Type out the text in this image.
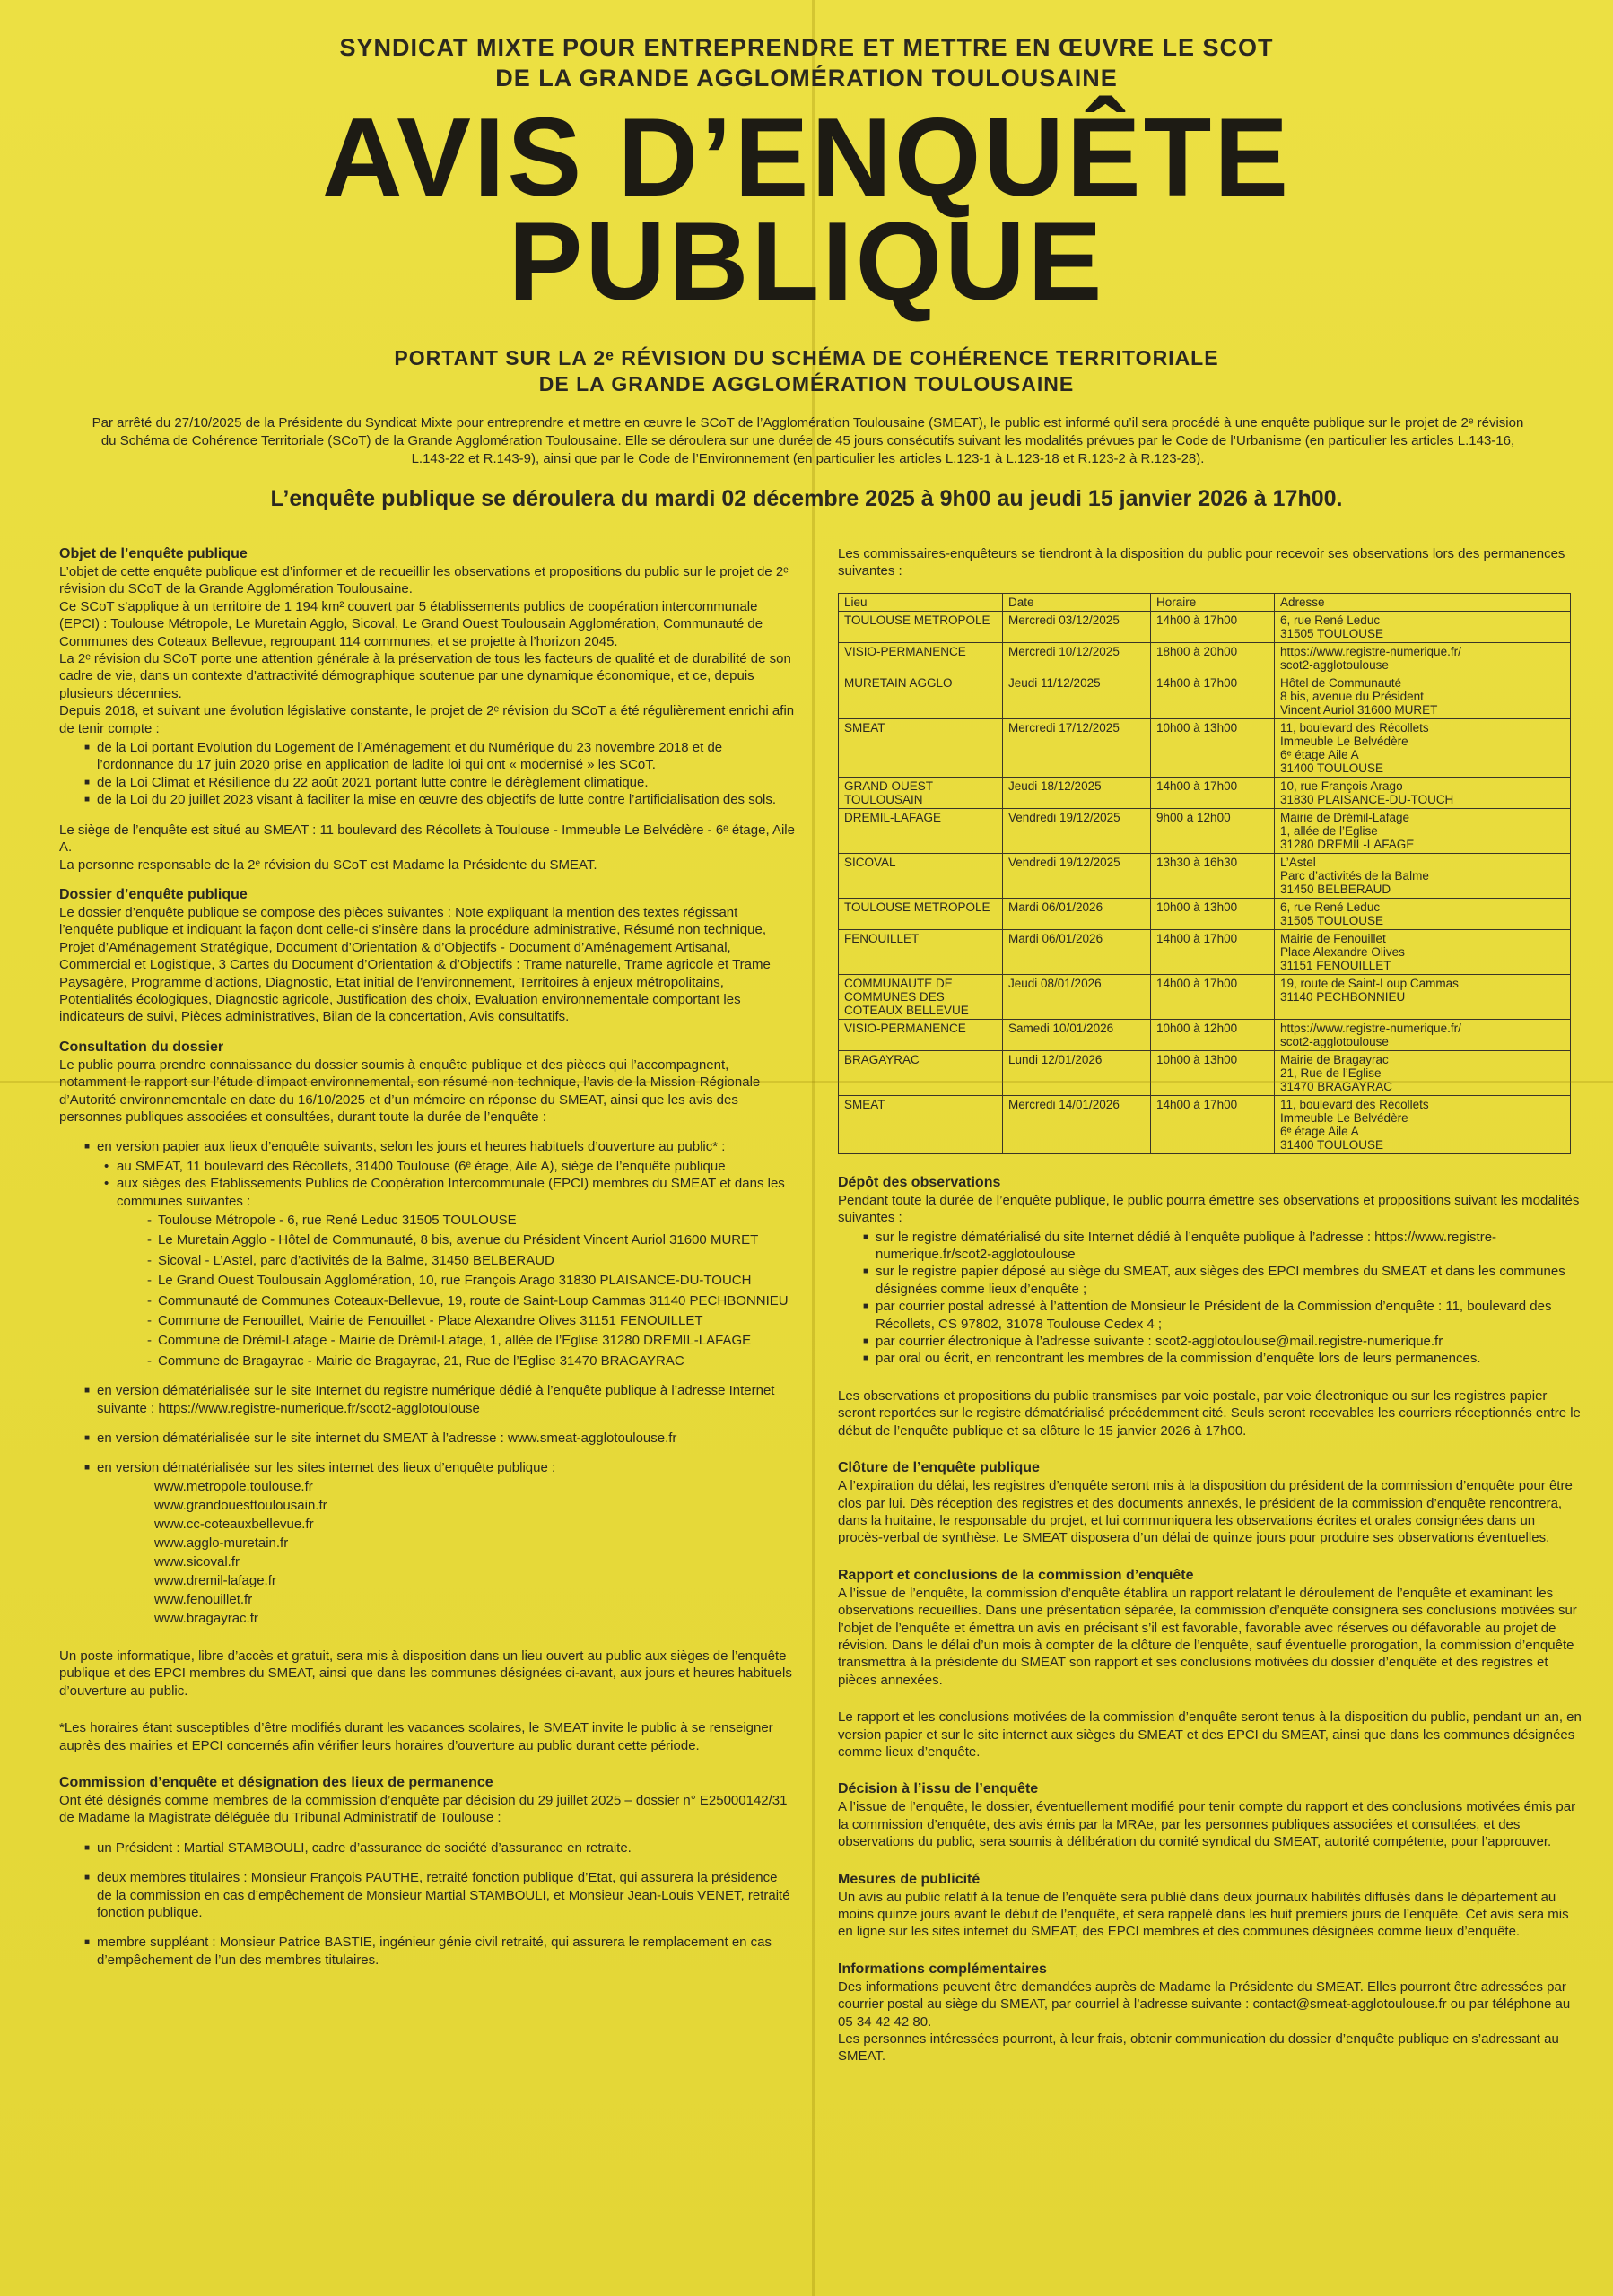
SYNDICAT MIXTE POUR ENTREPRENDRE ET METTRE EN ŒUVRE LE SCOT
DE LA GRANDE AGGLOMÉRATION TOULOUSAINE
AVIS D’ENQUÊTE
PUBLIQUE
PORTANT SUR LA 2ᵉ RÉVISION DU SCHÉMA DE COHÉRENCE TERRITORIALE
DE LA GRANDE AGGLOMÉRATION TOULOUSAINE

Par arrêté du 27/10/2025 de la Présidente du Syndicat Mixte pour entreprendre et mettre en œuvre le SCoT de l’Agglomération Toulousaine (SMEAT), le public est informé qu’il sera procédé à une enquête publique sur le projet de 2ᵉ révision du Schéma de Cohérence Territoriale (SCoT) de la Grande Agglomération Toulousaine. Elle se déroulera sur une durée de 45 jours consécutifs suivant les modalités prévues par le Code de l’Urbanisme (en particulier les articles L.143-16, L.143-22 et R.143-9), ainsi que par le Code de l’Environnement (en particulier les articles L.123-1 à L.123-18 et R.123-2 à R.123-28).

L’enquête publique se déroulera du mardi 02 décembre 2025 à 9h00 au jeudi 15 janvier 2026 à 17h00.
Objet de l’enquête publique

L’objet de cette enquête publique est d’informer et de recueillir les observations et propositions du public sur le projet de 2ᵉ révision du SCoT de la Grande Agglomération Toulousaine.

Ce SCoT s’applique à un territoire de 1 194 km² couvert par 5 établissements publics de coopération intercommunale (EPCI) : Toulouse Métropole, Le Muretain Agglo, Sicoval, Le Grand Ouest Toulousain Agglomération, Communauté de Communes des Coteaux Bellevue, regroupant 114 communes, et se projette à l’horizon 2045.

La 2ᵉ révision du SCoT porte une attention générale à la préservation de tous les facteurs de qualité et de durabilité de son cadre de vie, dans un contexte d’attractivité démographique soutenue par une dynamique économique, et ce, depuis plusieurs décennies.

Depuis 2018, et suivant une évolution législative constante, le projet de 2ᵉ révision du SCoT a été régulièrement enrichi afin de tenir compte :

■ de la Loi portant Evolution du Logement de l’Aménagement et du Numérique du 23 novembre 2018 et de l’ordonnance du 17 juin 2020 prise en application de ladite loi qui ont « modernisé » les SCoT.
■ de la Loi Climat et Résilience du 22 août 2021 portant lutte contre le dérèglement climatique.
■ de la Loi du 20 juillet 2023 visant à faciliter la mise en œuvre des objectifs de lutte contre l’artificialisation des sols.

Le siège de l’enquête est situé au SMEAT : 11 boulevard des Récollets à Toulouse - Immeuble Le Belvédère - 6ᵉ étage, Aile A.

La personne responsable de la 2ᵉ révision du SCoT est Madame la Présidente du SMEAT.

Dossier d’enquête publique

Le dossier d’enquête publique se compose des pièces suivantes : Note expliquant la mention des textes régissant l’enquête publique et indiquant la façon dont celle-ci s’insère dans la procédure administrative, Résumé non technique, Projet d’Aménagement Stratégique, Document d’Orientation & d’Objectifs - Document d’Aménagement Artisanal, Commercial et Logistique, 3 Cartes du Document d’Orientation & d’Objectifs : Trame naturelle, Trame agricole et Trame Paysagère, Programme d’actions, Diagnostic, Etat initial de l’environnement, Territoires à enjeux métropolitains, Potentialités écologiques, Diagnostic agricole, Justification des choix, Evaluation environnementale comportant les indicateurs de suivi, Pièces administratives, Bilan de la concertation, Avis consultatifs.

Consultation du dossier

Le public pourra prendre connaissance du dossier soumis à enquête publique et des pièces qui l’accompagnent, notamment le rapport sur l’étude d’impact environnemental, son résumé non technique, l’avis de la Mission Régionale d’Autorité environnementale en date du 16/10/2025 et d’un mémoire en réponse du SMEAT, ainsi que les avis des personnes publiques associées et consultées, durant toute la durée de l’enquête :

■ en version papier aux lieux d’enquête suivants, selon les jours et heures habituels d’ouverture au public* :
• au SMEAT, 11 boulevard des Récollets, 31400 Toulouse (6ᵉ étage, Aile A), siège de l’enquête publique
• aux sièges des Etablissements Publics de Coopération Intercommunale (EPCI) membres du SMEAT et dans les communes suivantes :
- Toulouse Métropole - 6, rue René Leduc 31505 TOULOUSE
- Le Muretain Agglo - Hôtel de Communauté, 8 bis, avenue du Président Vincent Auriol 31600 MURET
- Sicoval - L’Astel, parc d’activités de la Balme, 31450 BELBERAUD
- Le Grand Ouest Toulousain Agglomération, 10, rue François Arago 31830 PLAISANCE-DU-TOUCH
- Communauté de Communes Coteaux-Bellevue, 19, route de Saint-Loup Cammas 31140 PECHBONNIEU
- Commune de Fenouillet, Mairie de Fenouillet - Place Alexandre Olives 31151 FENOUILLET
- Commune de Drémil-Lafage - Mairie de Drémil-Lafage, 1, allée de l’Eglise 31280 DREMIL-LAFAGE
- Commune de Bragayrac - Mairie de Bragayrac, 21, Rue de l’Eglise 31470 BRAGAYRAC
■ en version dématérialisée sur le site Internet du registre numérique dédié à l’enquête publique à l’adresse Internet suivante : https://www.registre-numerique.fr/scot2-agglotoulouse
■ en version dématérialisée sur le site internet du SMEAT à l’adresse : www.smeat-agglotoulouse.fr
■ en version dématérialisée sur les sites internet des lieux d’enquête publique :
www.metropole.toulouse.fr
www.grandouesttoulousain.fr
www.cc-coteauxbellevue.fr
www.agglo-muretain.fr
www.sicoval.fr
www.dremil-lafage.fr
www.fenouillet.fr
www.bragayrac.fr

Un poste informatique, libre d’accès et gratuit, sera mis à disposition dans un lieu ouvert au public aux sièges de l’enquête publique et des EPCI membres du SMEAT, ainsi que dans les communes désignées ci-avant, aux jours et heures habituels d’ouverture au public.

*Les horaires étant susceptibles d’être modifiés durant les vacances scolaires, le SMEAT invite le public à se renseigner auprès des mairies et EPCI concernés afin vérifier leurs horaires d’ouverture au public durant cette période.

Commission d’enquête et désignation des lieux de permanence

Ont été désignés comme membres de la commission d’enquête par décision du 29 juillet 2025 – dossier n° E25000142/31 de Madame la Magistrate déléguée du Tribunal Administratif de Toulouse :

■ un Président : Martial STAMBOULI, cadre d’assurance de société d’assurance en retraite.
■ deux membres titulaires : Monsieur François PAUTHE, retraité fonction publique d’Etat, qui assurera la présidence de la commission en cas d’empêchement de Monsieur Martial STAMBOULI, et Monsieur Jean-Louis VENET, retraité fonction publique.
■ membre suppléant : Monsieur Patrice BASTIE, ingénieur génie civil retraité, qui assurera le remplacement en cas d’empêchement de l’un des membres titulaires.

Les commissaires-enquêteurs se tiendront à la disposition du public pour recevoir ses observations lors des permanences suivantes :

Lieu	Date	Horaire	Adresse
TOULOUSE METROPOLE	Mercredi 03/12/2025	14h00 à 17h00	6, rue René Leduc
31505 TOULOUSE
VISIO-PERMANENCE	Mercredi 10/12/2025	18h00 à 20h00	https://www.registre-numerique.fr/
scot2-agglotoulouse
MURETAIN AGGLO	Jeudi 11/12/2025	14h00 à 17h00	Hôtel de Communauté
8 bis, avenue du Président
Vincent Auriol 31600 MURET
SMEAT	Mercredi 17/12/2025	10h00 à 13h00	11, boulevard des Récollets
Immeuble Le Belvédère
6ᵉ étage Aile A
31400 TOULOUSE
GRAND OUEST
TOULOUSAIN	Jeudi 18/12/2025	14h00 à 17h00	10, rue François Arago
31830 PLAISANCE-DU-TOUCH
DREMIL-LAFAGE	Vendredi 19/12/2025	9h00 à 12h00	Mairie de Drémil-Lafage
1, allée de l’Eglise
31280 DREMIL-LAFAGE
SICOVAL	Vendredi 19/12/2025	13h30 à 16h30	L’Astel
Parc d’activités de la Balme
31450 BELBERAUD
TOULOUSE METROPOLE	Mardi 06/01/2026	10h00 à 13h00	6, rue René Leduc
31505 TOULOUSE
FENOUILLET	Mardi 06/01/2026	14h00 à 17h00	Mairie de Fenouillet
Place Alexandre Olives
31151 FENOUILLET
COMMUNAUTE DE
COMMUNES DES
COTEAUX BELLEVUE	Jeudi 08/01/2026	14h00 à 17h00	19, route de Saint-Loup Cammas
31140 PECHBONNIEU
VISIO-PERMANENCE	Samedi 10/01/2026	10h00 à 12h00	https://www.registre-numerique.fr/
scot2-agglotoulouse
BRAGAYRAC	Lundi 12/01/2026	10h00 à 13h00	Mairie de Bragayrac
21, Rue de l’Eglise
31470 BRAGAYRAC
SMEAT	Mercredi 14/01/2026	14h00 à 17h00	11, boulevard des Récollets
Immeuble Le Belvédère
6ᵉ étage Aile A
31400 TOULOUSE
Dépôt des observations

Pendant toute la durée de l’enquête publique, le public pourra émettre ses observations et propositions suivant les modalités suivantes :

■ sur le registre dématérialisé du site Internet dédié à l’enquête publique à l’adresse : https://www.registre-numerique.fr/scot2-agglotoulouse
■ sur le registre papier déposé au siège du SMEAT, aux sièges des EPCI membres du SMEAT et dans les communes désignées comme lieux d’enquête ;
■ par courrier postal adressé à l’attention de Monsieur le Président de la Commission d’enquête : 11, boulevard des Récollets, CS 97802, 31078 Toulouse Cedex 4 ;
■ par courrier électronique à l’adresse suivante : scot2-agglotoulouse@mail.registre-numerique.fr
■ par oral ou écrit, en rencontrant les membres de la commission d’enquête lors de leurs permanences.

Les observations et propositions du public transmises par voie postale, par voie électronique ou sur les registres papier seront reportées sur le registre dématérialisé précédemment cité. Seuls seront recevables les courriers réceptionnés entre le début de l’enquête publique et sa clôture le 15 janvier 2026 à 17h00.

Clôture de l’enquête publique

A l’expiration du délai, les registres d’enquête seront mis à la disposition du président de la commission d’enquête pour être clos par lui. Dès réception des registres et des documents annexés, le président de la commission d’enquête rencontrera, dans la huitaine, le responsable du projet, et lui communiquera les observations écrites et orales consignées dans un procès-verbal de synthèse. Le SMEAT disposera d’un délai de quinze jours pour produire ses observations éventuelles.

Rapport et conclusions de la commission d’enquête

A l’issue de l’enquête, la commission d’enquête établira un rapport relatant le déroulement de l’enquête et examinant les observations recueillies. Dans une présentation séparée, la commission d’enquête consignera ses conclusions motivées sur l’objet de l’enquête et émettra un avis en précisant s’il est favorable, favorable avec réserves ou défavorable au projet de révision. Dans le délai d’un mois à compter de la clôture de l’enquête, sauf éventuelle prorogation, la commission d’enquête transmettra à la présidente du SMEAT son rapport et ses conclusions motivées du dossier d’enquête et des registres et pièces annexées.

Le rapport et les conclusions motivées de la commission d’enquête seront tenus à la disposition du public, pendant un an, en version papier et sur le site internet aux sièges du SMEAT et des EPCI du SMEAT, ainsi que dans les communes désignées comme lieux d’enquête.

Décision à l’issu de l’enquête

A l’issue de l’enquête, le dossier, éventuellement modifié pour tenir compte du rapport et des conclusions motivées émis par la commission d’enquête, des avis émis par la MRAe, par les personnes publiques associées et consultées, et des observations du public, sera soumis à délibération du comité syndical du SMEAT, autorité compétente, pour l’approuver.

Mesures de publicité

Un avis au public relatif à la tenue de l’enquête sera publié dans deux journaux habilités diffusés dans le département au moins quinze jours avant le début de l’enquête, et sera rappelé dans les huit premiers jours de l’enquête. Cet avis sera mis en ligne sur les sites internet du SMEAT, des EPCI membres et des communes désignées comme lieux d’enquête.

Informations complémentaires

Des informations peuvent être demandées auprès de Madame la Présidente du SMEAT. Elles pourront être adressées par courrier postal au siège du SMEAT, par courriel à l’adresse suivante : contact@smeat-agglotoulouse.fr ou par téléphone au 05 34 42 42 80.

Les personnes intéressées pourront, à leur frais, obtenir communication du dossier d’enquête publique en s’adressant au SMEAT.
